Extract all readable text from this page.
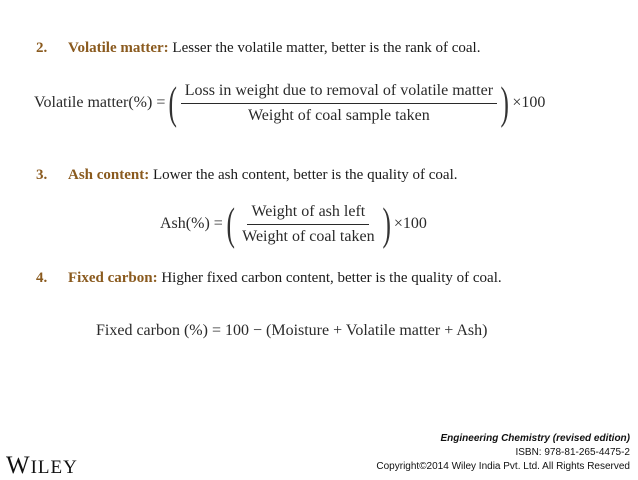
2. Volatile matter: Lesser the volatile matter, better is the rank of coal.
Volatile matter(%) = ( $\frac{\text{Loss in weight due to removal of volatile matter}}{\text{Weight of coal sample taken}}$ ) ×100
3. Ash content: Lower the ash content, better is the quality of coal.
Ash(%) = ( $\frac{\text{Weight of ash left}}{\text{Weight of coal taken}}$ ) ×100
4. Fixed carbon: Higher fixed carbon content, better is the quality of coal.
Fixed carbon (%) = 100 − (Moisture + Volatile matter + Ash)
WILEY
Engineering Chemistry (revised edition)
ISBN: 978-81-265-4475-2
Copyright©2014 Wiley India Pvt. Ltd. All Rights Reserved
